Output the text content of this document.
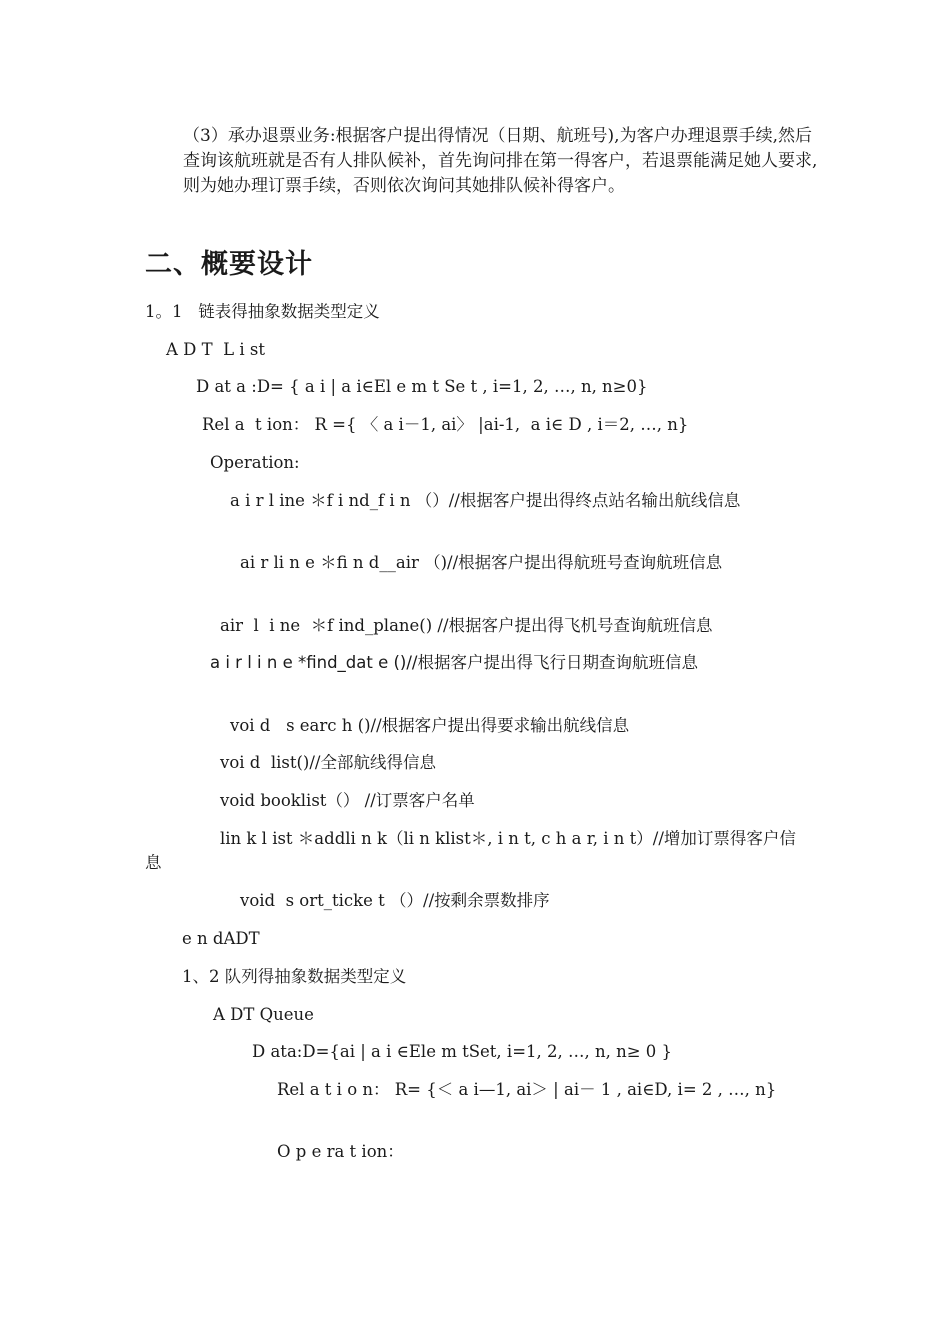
（3）承办退票业务:根据客户提出得情况（日期、航班号),为客户办理退票手续,然后查询该航班就是否有人排队候补，首先询问排在第一得客户，若退票能满足她人要求,则为她办理订票手续，否则依次询问其她排队候补得客户。

二、概要设计

1。1   链表得抽象数据类型定义

A D T  L i st

D at a :D= { a i | a i∈El e m t Se t , i=1, 2, …, n, n≥0}

Rel a  t ion： R ={ 〈 a i－1, ai〉 |ai-1,  a i∈ D , i＝2, …, n}

Operation:

a i r l ine ＊f i nd_f i n （）//根据客户提出得终点站名输出航线信息

ai r li n e ＊fi n d__air （)//根据客户提出得航班号查询航班信息

air  l  i ne  ＊f ind_plane() //根据客户提出得飞机号查询航班信息

a i r l i n e *find_dat e ()//根据客户提出得飞行日期查询航班信息

voi d   s earc h ()//根据客户提出得要求输出航线信息

voi d  list()//全部航线得信息

void booklist（） //订票客户名单

lin k l ist ＊addli n k（li n klist＊, i n t, c h a r, i n t）//增加订票得客户信息

void  s ort_ticke t （）//按剩余票数排序

e n dADT

1、2 队列得抽象数据类型定义

A DT Queue

D ata:D={ai | a i ∈Ele m tSet, i=1, 2, …, n, n≥ 0 }

Rel a t i o n： R= {＜ a i—1, ai＞ | ai－ 1 , ai∈D, i= 2 , …, n}

O p e ra t ion：
